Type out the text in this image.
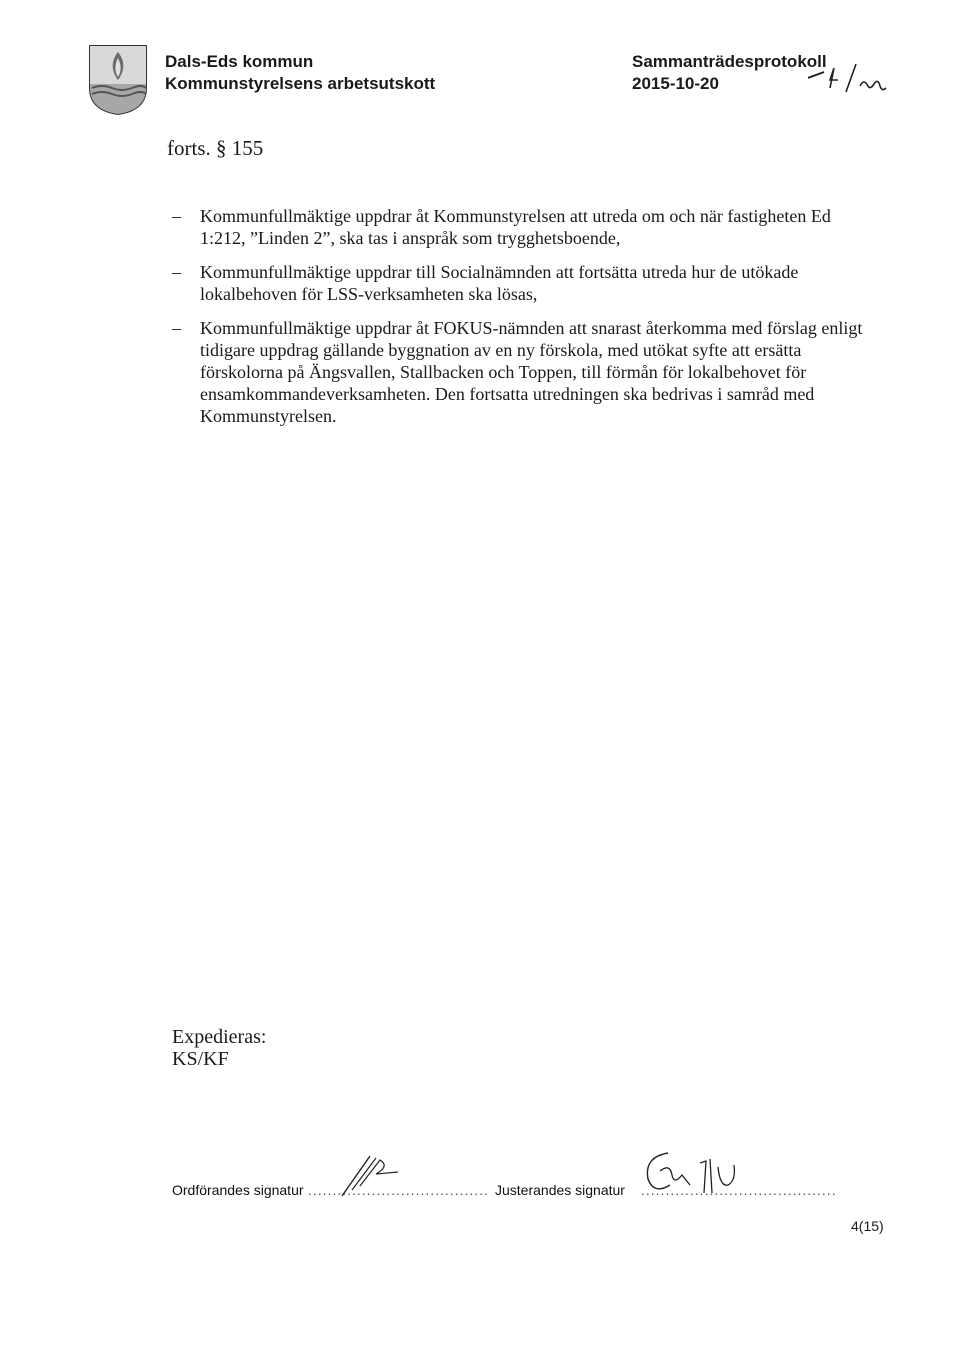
Dals-Eds kommun
Kommunstyrelsens arbetsutskott
Sammanträdesprotokoll
2015-10-20
forts. § 155
–	Kommunfullmäktige uppdrar åt Kommunstyrelsen att utreda om och när fastigheten Ed 1:212, ”Linden 2”, ska tas i anspråk som trygghetsboende,
–	Kommunfullmäktige uppdrar till Socialnämnden att fortsätta utreda hur de utökade lokalbehoven för LSS-verksamheten ska lösas,
–	Kommunfullmäktige uppdrar åt FOKUS-nämnden att snarast återkomma med förslag enligt tidigare uppdrag gällande byggnation av en ny förskola, med utökat syfte att ersätta förskolorna på Ängsvallen, Stallbacken och Toppen, till förmån för lokalbehovet för ensamkommandeverksamheten. Den fortsatta utredningen ska bedrivas i samråd med Kommunstyrelsen.
Expedieras:
KS/KF
Ordförandes signatur ..................................... Justerandes signatur ........................................
4(15)
